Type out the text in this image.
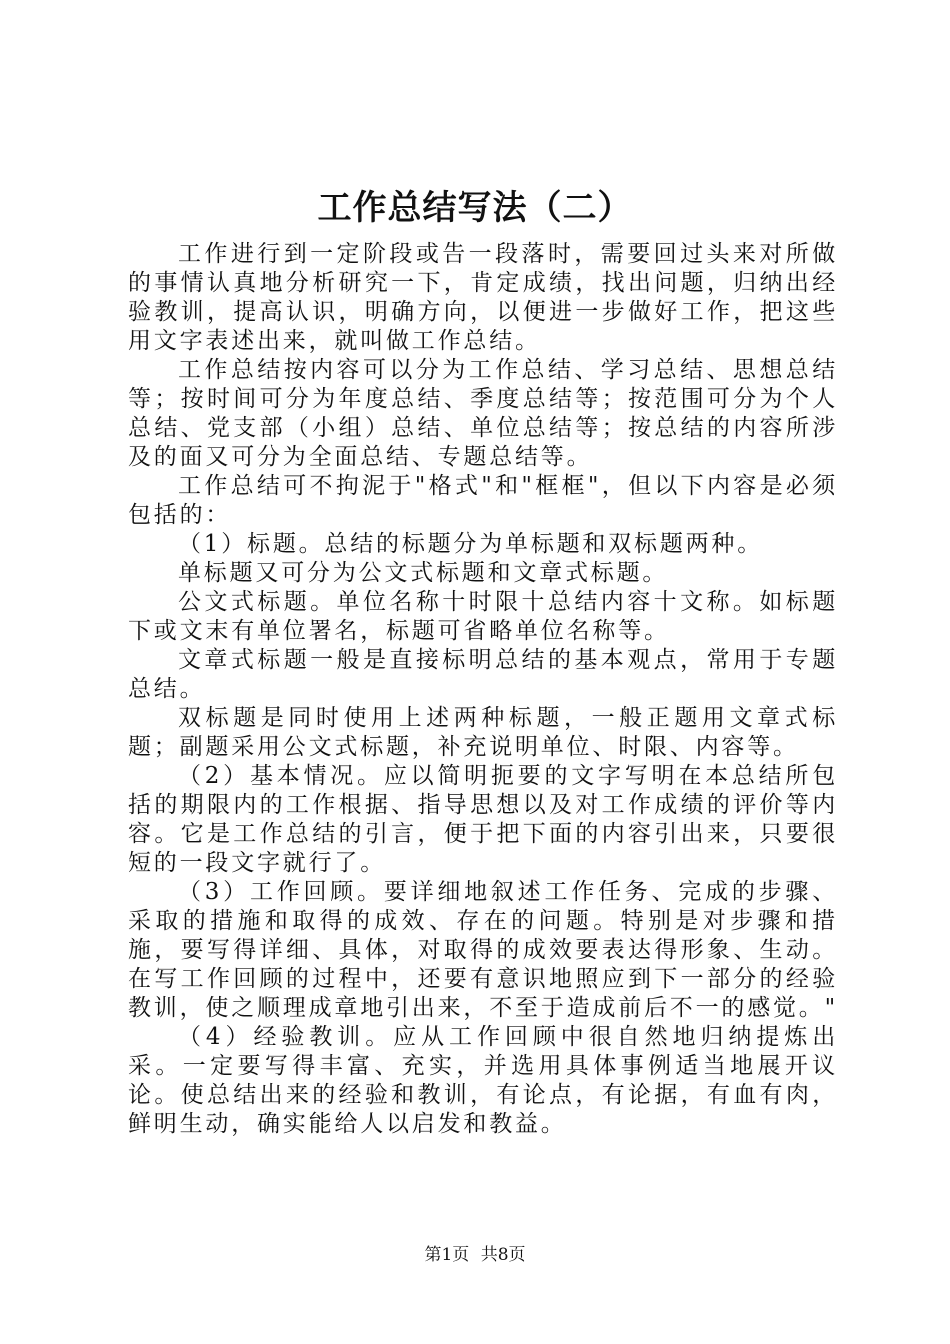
工作总结写法（二）

工作进行到一定阶段或告一段落时，需要回过头来对所做的事情认真地分析研究一下，肯定成绩，找出问题，归纳出经验教训，提高认识，明确方向，以便进一步做好工作，把这些用文字表述出来，就叫做工作总结。

工作总结按内容可以分为工作总结、学习总结、思想总结等；按时间可分为年度总结、季度总结等；按范围可分为个人总结、党支部（小组）总结、单位总结等；按总结的内容所涉及的面又可分为全面总结、专题总结等。

工作总结可不拘泥于"格式"和"框框"，但以下内容是必须包括的：

（1）标题。总结的标题分为单标题和双标题两种。

单标题又可分为公文式标题和文章式标题。

公文式标题。单位名称十时限十总结内容十文称。如标题下或文末有单位署名，标题可省略单位名称等。

文章式标题一般是直接标明总结的基本观点，常用于专题总结。

双标题是同时使用上述两种标题，一般正题用文章式标题；副题采用公文式标题，补充说明单位、时限、内容等。

（2）基本情况。应以简明扼要的文字写明在本总结所包括的期限内的工作根据、指导思想以及对工作成绩的评价等内容。它是工作总结的引言，便于把下面的内容引出来，只要很短的一段文字就行了。

（3）工作回顾。要详细地叙述工作任务、完成的步骤、采取的措施和取得的成效、存在的问题。特别是对步骤和措施，要写得详细、具体，对取得的成效要表达得形象、生动。在写工作回顾的过程中，还要有意识地照应到下一部分的经验教训，使之顺理成章地引出来，不至于造成前后不一的感觉。"

（4）经验教训。应从工作回顾中很自然地归纳提炼出采。一定要写得丰富、充实，并选用具体事例适当地展开议论。使总结出来的经验和教训，有论点，有论据，有血有肉，鲜明生动，确实能给人以启发和教益。

第1页 共8页
